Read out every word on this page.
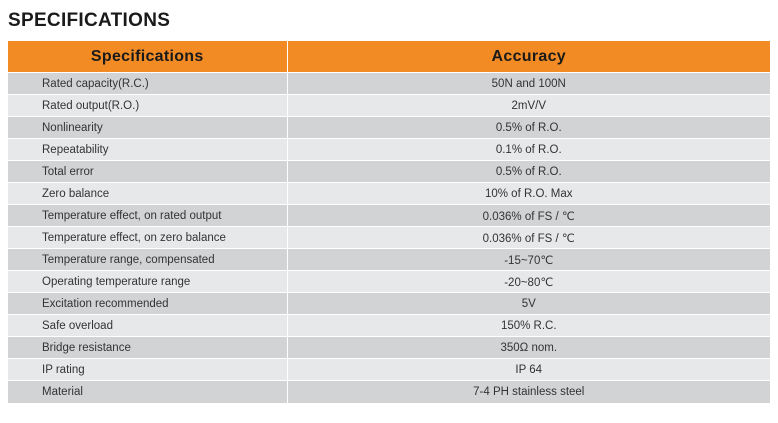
SPECIFICATIONS
Specifications	Accuracy
Rated capacity(R.C.)	50N and 100N
Rated output(R.O.)	2mV/V
Nonlinearity	0.5% of R.O.
Repeatability	0.1% of R.O.
Total error	0.5% of R.O.
Zero balance	10% of R.O. Max
Temperature effect, on rated output	0.036% of FS / ℃
Temperature effect, on zero balance	0.036% of FS / ℃
Temperature range, compensated	-15~70℃
Operating temperature range	-20~80℃
Excitation recommended	5V
Safe overload	150% R.C.
Bridge resistance	350Ω nom.
IP rating	IP 64
Material	7-4 PH stainless steel
